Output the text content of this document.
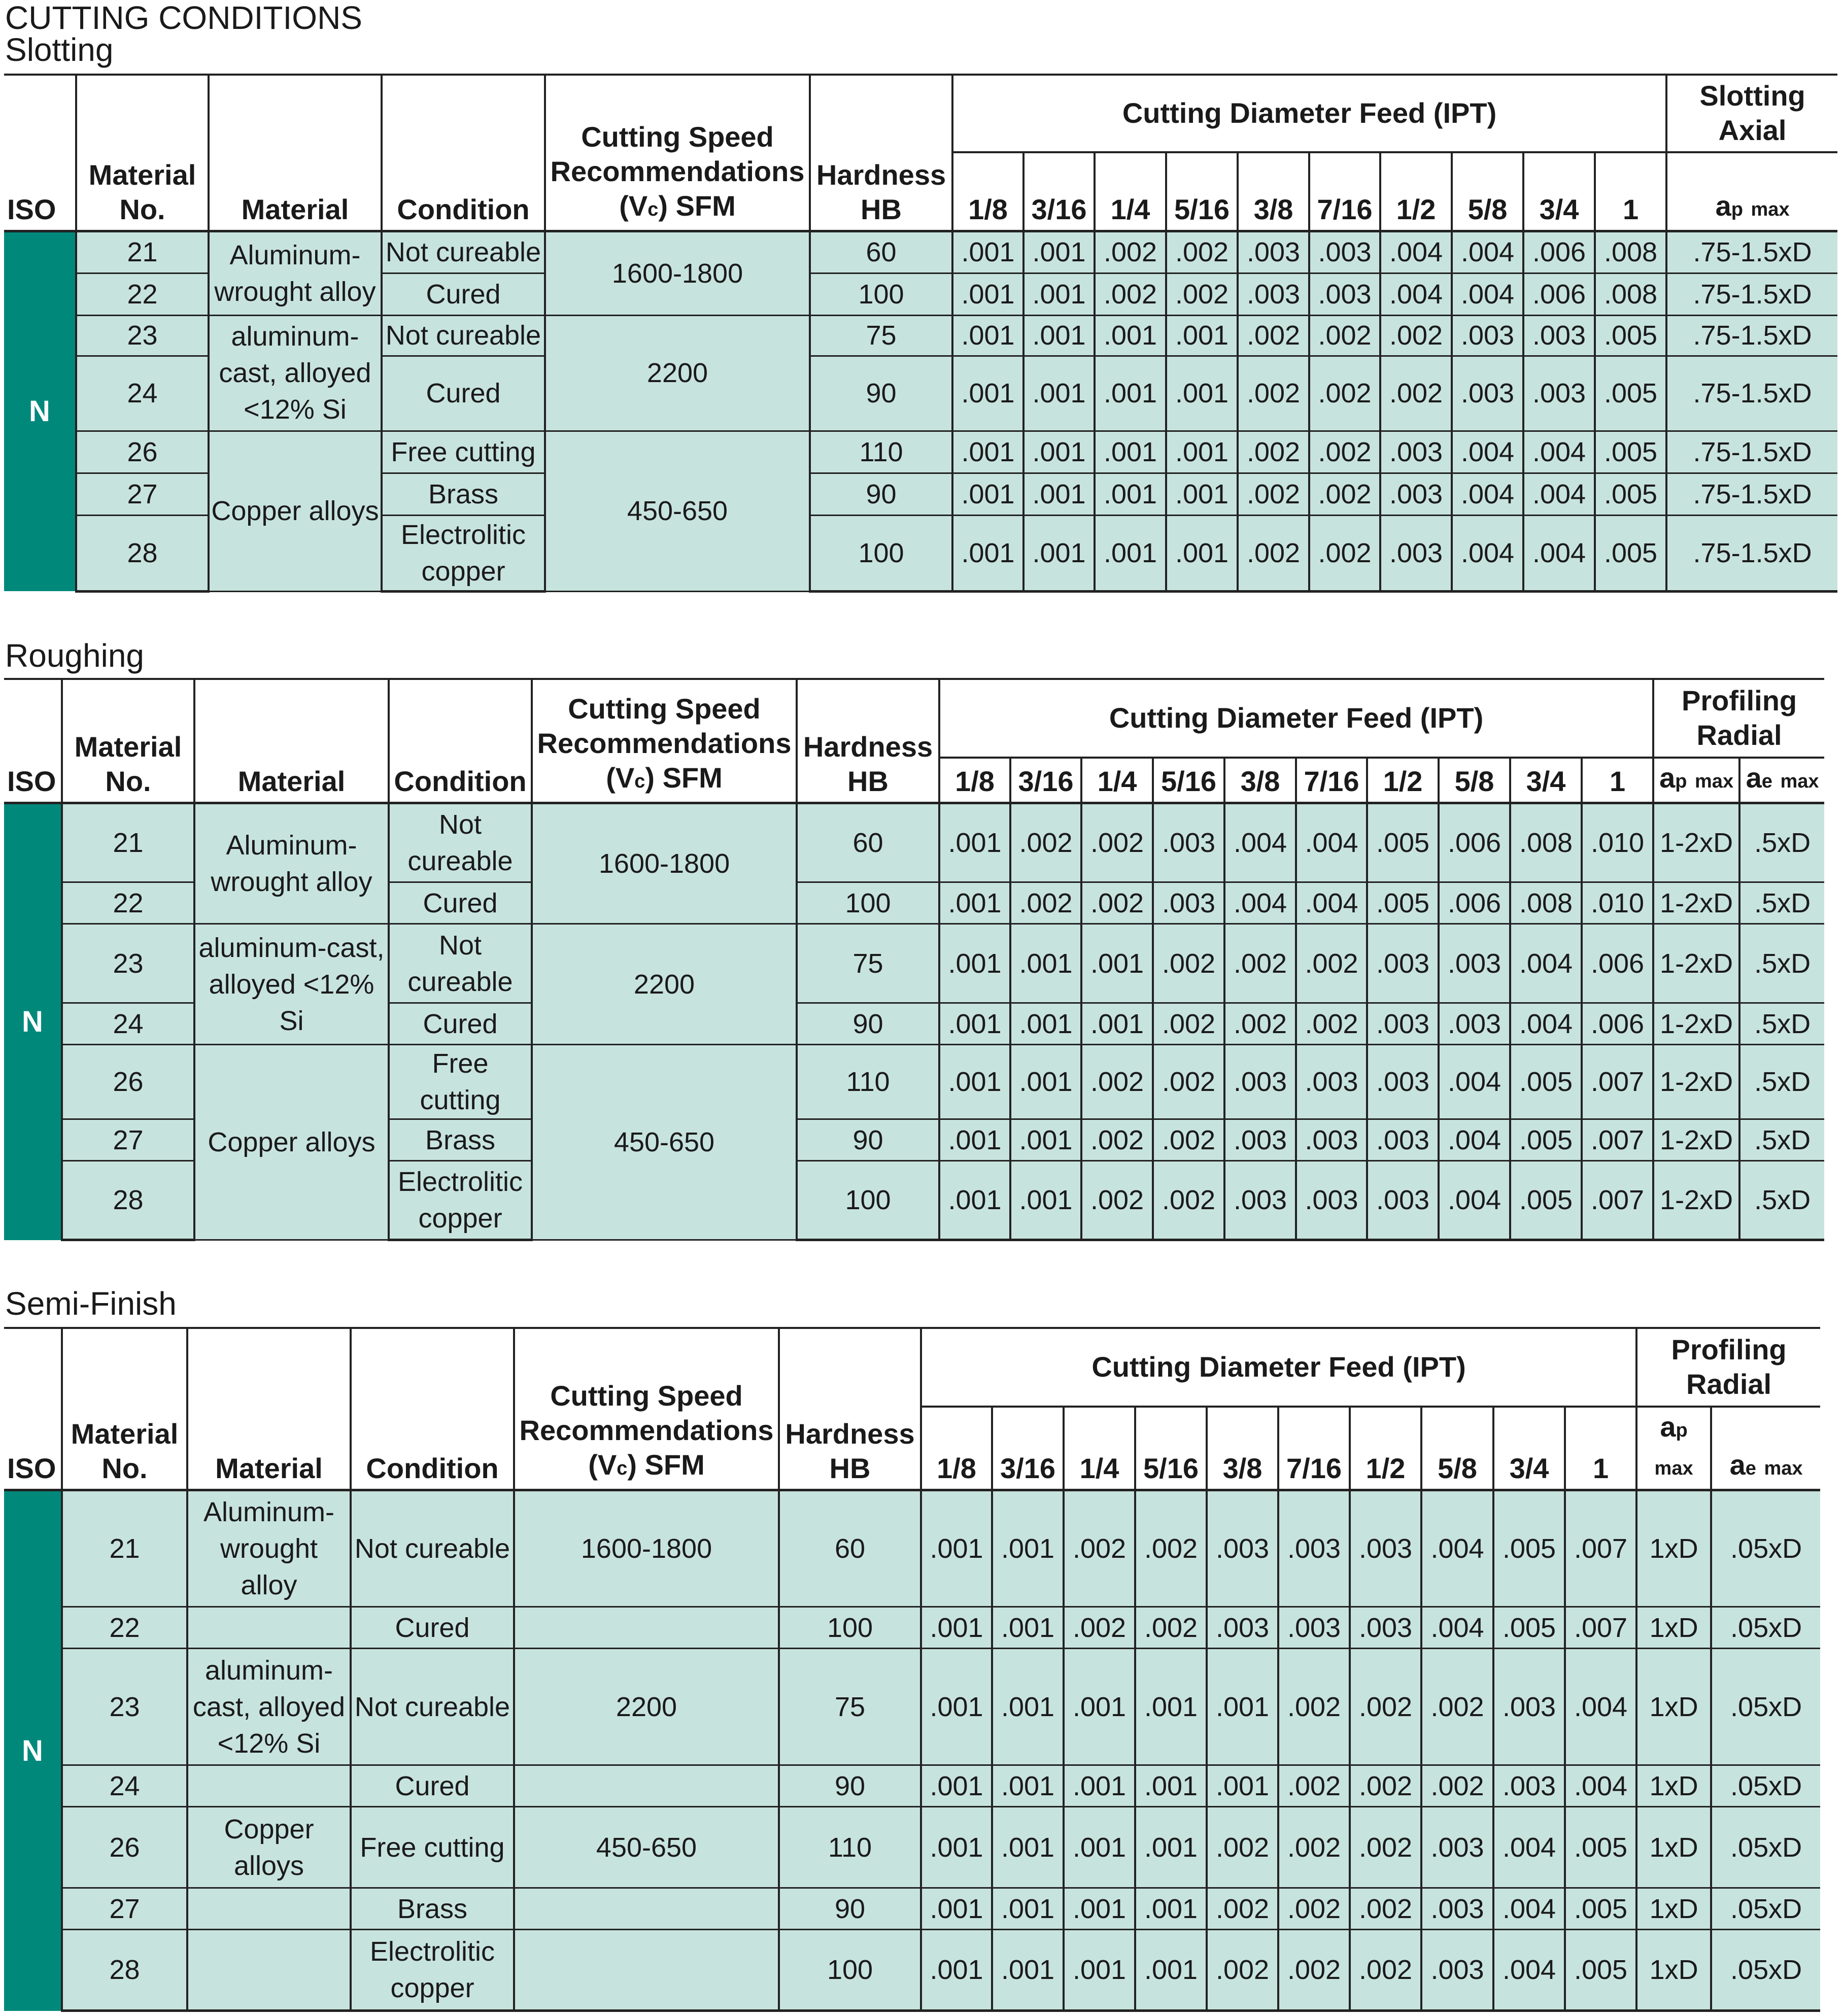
CUTTING CONDITIONS
Slotting
ISO	Material No.	Material	Condition	Cutting Speed
Recommendations
(Vc) SFM	Hardness HB	Cutting Diameter Feed (IPT)										Slotting Axial
						1/8	3/16	1/4	5/16	3/8	7/16	1/2	5/8	3/4	1	ap max
N	21	Aluminum-wrought alloy	Not cureable	1600-1800	60	.001	.001	.002	.002	.003	.003	.004	.004	.006	.008	.75-1.5xD
	22		Cured		100	.001	.001	.002	.002	.003	.003	.004	.004	.006	.008	.75-1.5xD
	23	aluminum-cast, alloyed <12% Si	Not cureable	2200	75	.001	.001	.001	.001	.002	.002	.002	.003	.003	.005	.75-1.5xD
	24		Cured		90	.001	.001	.001	.001	.002	.002	.002	.003	.003	.005	.75-1.5xD
	26	Copper alloys	Free cutting	450-650	110	.001	.001	.001	.001	.002	.002	.003	.004	.004	.005	.75-1.5xD
	27		Brass		90	.001	.001	.001	.001	.002	.002	.003	.004	.004	.005	.75-1.5xD
	28		Electrolitic copper		100	.001	.001	.001	.001	.002	.002	.003	.004	.004	.005	.75-1.5xD
Roughing
ISO	Material No.	Material	Condition	Cutting Speed
Recommendations
(Vc) SFM	Hardness HB	Cutting Diameter Feed (IPT)										Profiling Radial	
						1/8	3/16	1/4	5/16	3/8	7/16	1/2	5/8	3/4	1	ap max	ae max
N	21	Aluminum-wrought alloy	Not cureable	1600-1800	60	.001	.002	.002	.003	.004	.004	.005	.006	.008	.010	1-2xD	.5xD
	22		Cured		100	.001	.002	.002	.003	.004	.004	.005	.006	.008	.010	1-2xD	.5xD
	23	aluminum-cast, alloyed <12% Si	Not cureable	2200	75	.001	.001	.001	.002	.002	.002	.003	.003	.004	.006	1-2xD	.5xD
	24		Cured		90	.001	.001	.001	.002	.002	.002	.003	.003	.004	.006	1-2xD	.5xD
	26	Copper alloys	Free cutting	450-650	110	.001	.001	.002	.002	.003	.003	.003	.004	.005	.007	1-2xD	.5xD
	27		Brass		90	.001	.001	.002	.002	.003	.003	.003	.004	.005	.007	1-2xD	.5xD
	28		Electrolitic copper		100	.001	.001	.002	.002	.003	.003	.003	.004	.005	.007	1-2xD	.5xD
Semi-Finish
ISO	Material No.	Material	Condition	Cutting Speed
Recommendations
(Vc) SFM	Hardness HB	Cutting Diameter Feed (IPT)										Profiling Radial	
						1/8	3/16	1/4	5/16	3/8	7/16	1/2	5/8	3/4	1	ap max	ae max
N	21	Aluminum-wrought alloy	Not cureable	1600-1800	60	.001	.001	.002	.002	.003	.003	.003	.004	.005	.007	1xD	.05xD
	22		Cured		100	.001	.001	.002	.002	.003	.003	.003	.004	.005	.007	1xD	.05xD
	23	aluminum-cast, alloyed <12% Si	Not cureable	2200	75	.001	.001	.001	.001	.001	.002	.002	.002	.003	.004	1xD	.05xD
	24		Cured		90	.001	.001	.001	.001	.001	.002	.002	.002	.003	.004	1xD	.05xD
	26	Copper alloys	Free cutting	450-650	110	.001	.001	.001	.001	.002	.002	.002	.003	.004	.005	1xD	.05xD
	27		Brass		90	.001	.001	.001	.001	.002	.002	.002	.003	.004	.005	1xD	.05xD
	28		Electrolitic copper		100	.001	.001	.001	.001	.002	.002	.002	.003	.004	.005	1xD	.05xD
